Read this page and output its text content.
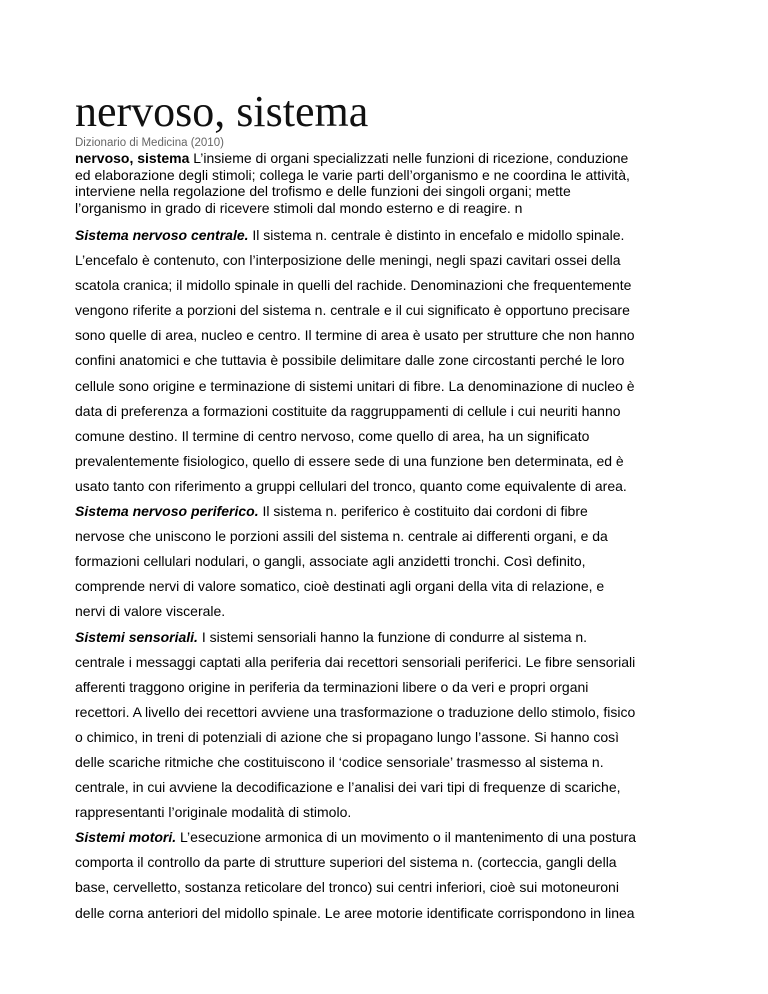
nervoso, sistema
Dizionario di Medicina (2010)

nervoso, sistema L’insieme di organi specializzati nelle funzioni di ricezione, conduzione
ed elaborazione degli stimoli; collega le varie parti dell’organismo e ne coordina le attività,
interviene nella regolazione del trofismo e delle funzioni dei singoli organi; mette
l’organismo in grado di ricevere stimoli dal mondo esterno e di reagire. n

Sistema nervoso centrale. Il sistema n. centrale è distinto in encefalo e midollo spinale.
L’encefalo è contenuto, con l’interposizione delle meningi, negli spazi cavitari ossei della
scatola cranica; il midollo spinale in quelli del rachide. Denominazioni che frequentemente
vengono riferite a porzioni del sistema n. centrale e il cui significato è opportuno precisare
sono quelle di area, nucleo e centro. Il termine di area è usato per strutture che non hanno
confini anatomici e che tuttavia è possibile delimitare dalle zone circostanti perché le loro
cellule sono origine e terminazione di sistemi unitari di fibre. La denominazione di nucleo è
data di preferenza a formazioni costituite da raggruppamenti di cellule i cui neuriti hanno
comune destino. Il termine di centro nervoso, come quello di area, ha un significato
prevalentemente fisiologico, quello di essere sede di una funzione ben determinata, ed è
usato tanto con riferimento a gruppi cellulari del tronco, quanto come equivalente di area.

Sistema nervoso periferico. Il sistema n. periferico è costituito dai cordoni di fibre
nervose che uniscono le porzioni assili del sistema n. centrale ai differenti organi, e da
formazioni cellulari nodulari, o gangli, associate agli anzidetti tronchi. Così definito,
comprende nervi di valore somatico, cioè destinati agli organi della vita di relazione, e
nervi di valore viscerale.

Sistemi sensoriali. I sistemi sensoriali hanno la funzione di condurre al sistema n.
centrale i messaggi captati alla periferia dai recettori sensoriali periferici. Le fibre sensoriali
afferenti traggono origine in periferia da terminazioni libere o da veri e propri organi
recettori. A livello dei recettori avviene una trasformazione o traduzione dello stimolo, fisico
o chimico, in treni di potenziali di azione che si propagano lungo l’assone. Si hanno così
delle scariche ritmiche che costituiscono il ‘codice sensoriale’ trasmesso al sistema n.
centrale, in cui avviene la decodificazione e l’analisi dei vari tipi di frequenze di scariche,
rappresentanti l’originale modalità di stimolo.

Sistemi motori. L’esecuzione armonica di un movimento o il mantenimento di una postura
comporta il controllo da parte di strutture superiori del sistema n. (corteccia, gangli della
base, cervelletto, sostanza reticolare del tronco) sui centri inferiori, cioè sui motoneuroni
delle corna anteriori del midollo spinale. Le aree motorie identificate corrispondono in linea
